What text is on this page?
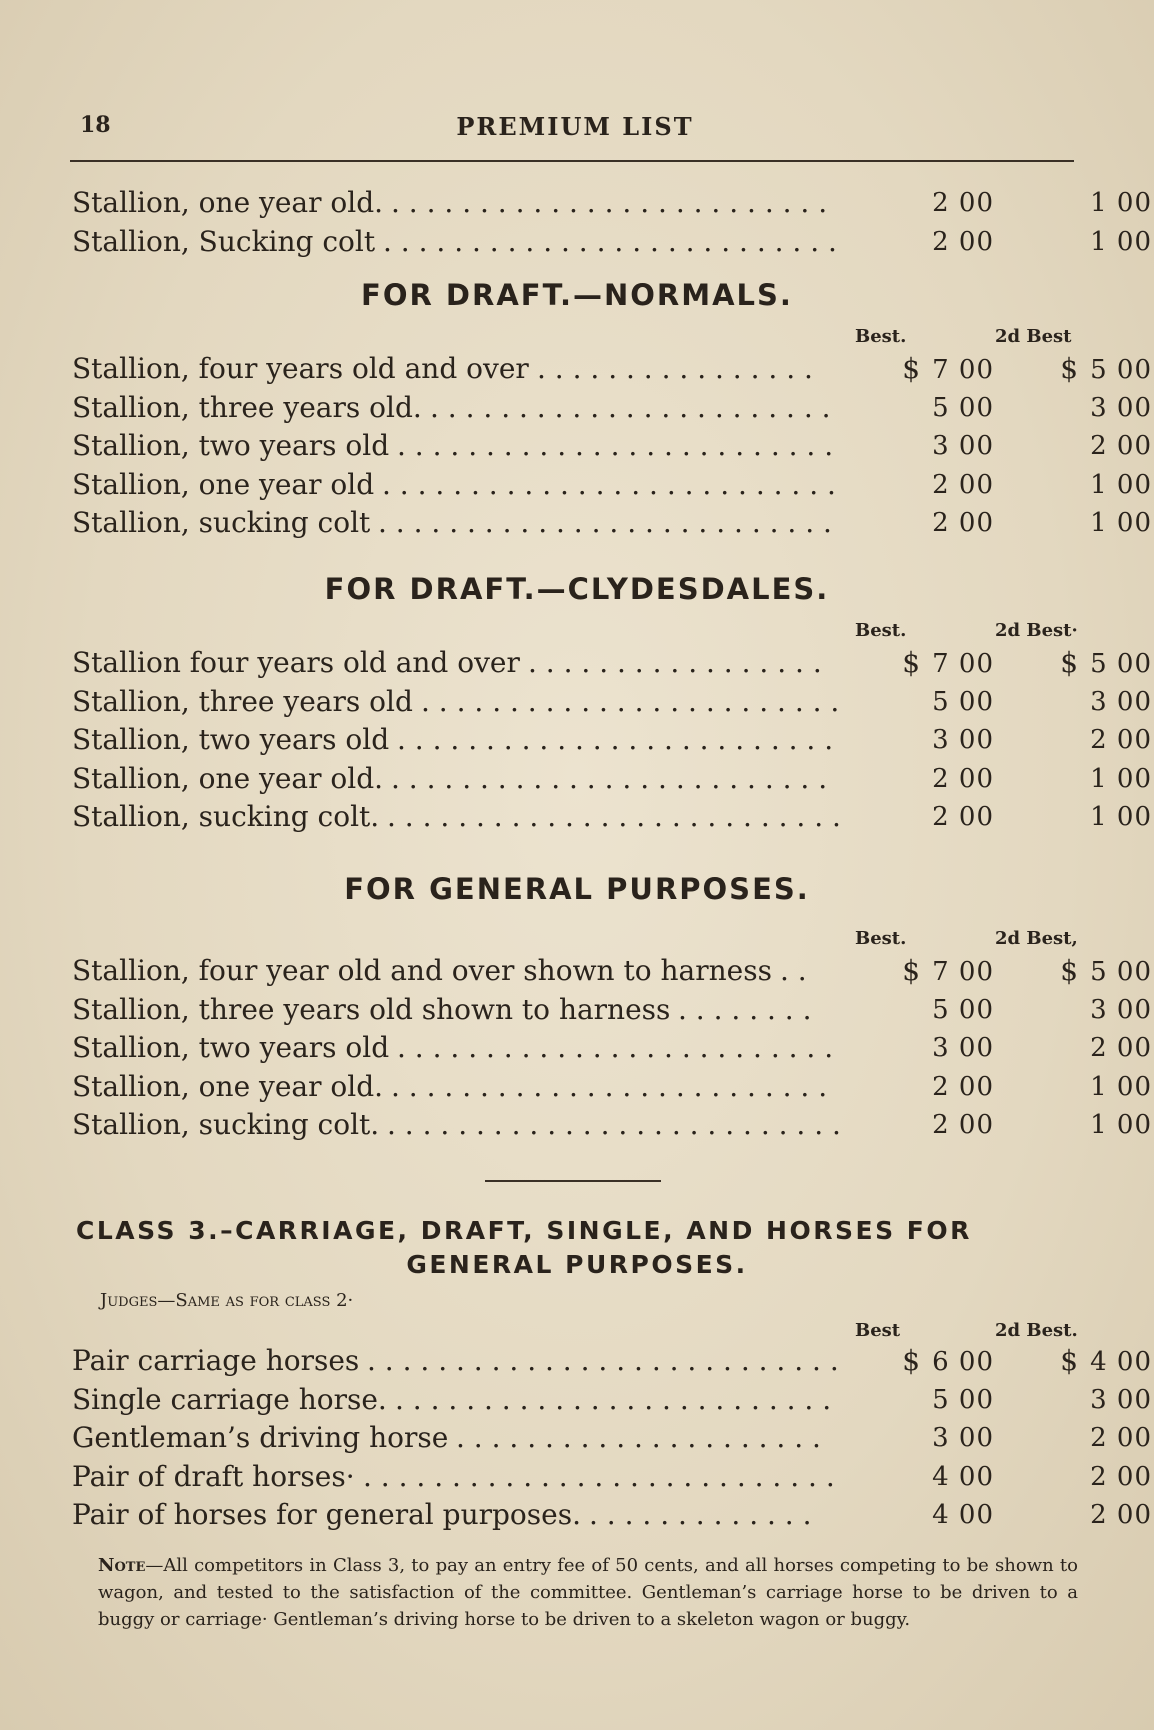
18	PREMIUM LIST
Stallion, one year old. . . . . . . . . . . . . . . . . . . . . . . . . .	2 00	1 00
Stallion, Sucking colt . . . . . . . . . . . . . . . . . . . . . . . . . .	2 00	1 00
FOR DRAFT.—NORMALS.
Best.	2d Best
Stallion, four years old and over . . . . . . . . . . . . . . . .	$ 7 00	$ 5 00
Stallion, three years old. . . . . . . . . . . . . . . . . . . . . . . .	5 00	3 00
Stallion, two years old . . . . . . . . . . . . . . . . . . . . . . . . .	3 00	2 00
Stallion, one year old . . . . . . . . . . . . . . . . . . . . . . . . . .	2 00	1 00
Stallion, sucking colt . . . . . . . . . . . . . . . . . . . . . . . . . .	2 00	1 00
FOR DRAFT.—CLYDESDALES.
Best.	2d Best·
Stallion four years old and over . . . . . . . . . . . . . . . . .	$ 7 00	$ 5 00
Stallion, three years old . . . . . . . . . . . . . . . . . . . . . . . .	5 00	3 00
Stallion, two years old . . . . . . . . . . . . . . . . . . . . . . . . .	3 00	2 00
Stallion, one year old. . . . . . . . . . . . . . . . . . . . . . . . . .	2 00	1 00
Stallion, sucking colt. . . . . . . . . . . . . . . . . . . . . . . . . . .	2 00	1 00
FOR GENERAL PURPOSES.
Best.	2d Best,
Stallion, four year old and over shown to harness . .	$ 7 00	$ 5 00
Stallion, three years old shown to harness . . . . . . . .	5 00	3 00
Stallion, two years old . . . . . . . . . . . . . . . . . . . . . . . . .	3 00	2 00
Stallion, one year old. . . . . . . . . . . . . . . . . . . . . . . . . .	2 00	1 00
Stallion, sucking colt. . . . . . . . . . . . . . . . . . . . . . . . . . .	2 00	1 00
CLASS 3.–CARRIAGE, DRAFT, SINGLE, AND HORSES FOR
GENERAL PURPOSES.
Judges—Same as for class 2·
Best	2d Best.
Pair carriage horses . . . . . . . . . . . . . . . . . . . . . . . . . . .	$ 6 00	$ 4 00
Single carriage horse. . . . . . . . . . . . . . . . . . . . . . . . . .	5 00	3 00
Gentleman’s driving horse . . . . . . . . . . . . . . . . . . . . .	3 00	2 00
Pair of draft horses· . . . . . . . . . . . . . . . . . . . . . . . . . . .	4 00	2 00
Pair of horses for general purposes. . . . . . . . . . . . . .	4 00	2 00
Note—All competitors in Class 3, to pay an entry fee of 50 cents, and all horses competing to be shown to wagon, and tested to the satisfaction of the committee. Gentleman’s carriage horse to be driven to a buggy or carriage· Gentleman’s driving horse to be driven to a skeleton wagon or buggy.
